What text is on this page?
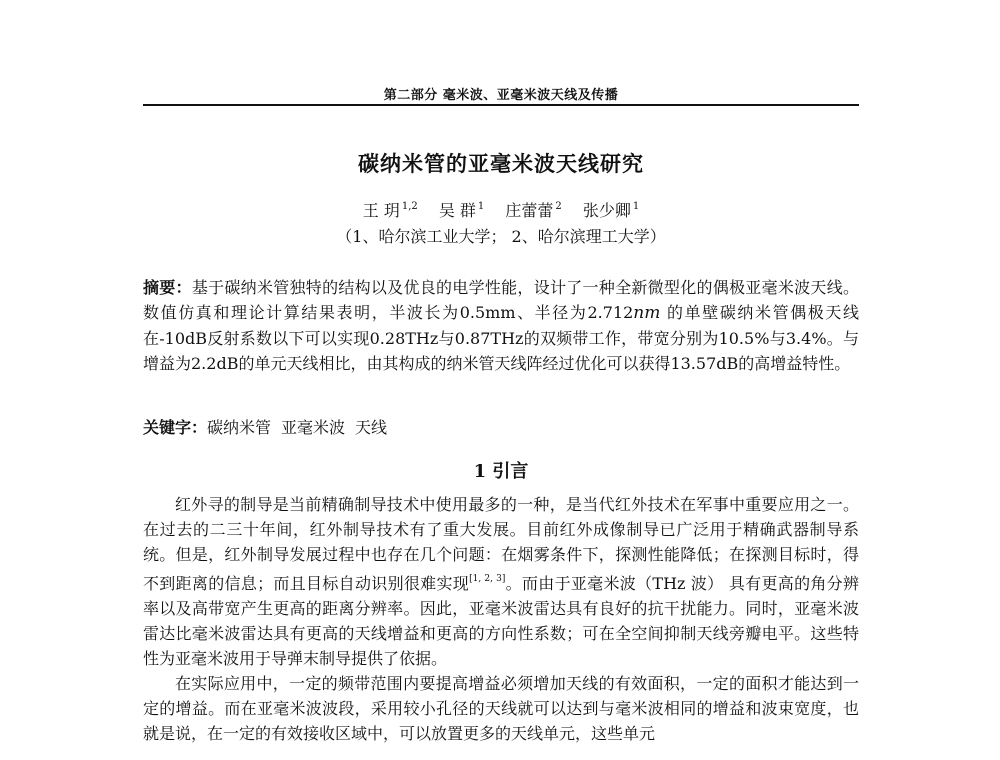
第二部分 毫米波、亚毫米波天线及传播
碳纳米管的亚毫米波天线研究
王 玥 $^{1,2}$ 吴 群 $^1$ 庄蕾蕾 $^2$ 张少卿 $^1$
（1、哈尔滨工业大学； 2、哈尔滨理工大学）
摘要：基于碳纳米管独特的结构以及优良的电学性能，设计了一种全新微型化的偶极亚毫米波天线。数值仿真和理论计算结果表明，半波长为0.5mm、半径为2.712nm 的单壁碳纳米管偶极天线在-10dB反射系数以下可以实现0.28THz与0.87THz的双频带工作，带宽分别为10.5%与3.4%。与增益为2.2dB的单元天线相比，由其构成的纳米管天线阵经过优化可以获得13.57dB的高增益特性。
关键字：碳纳米管 亚毫米波 天线
1 引言

红外寻的制导是当前精确制导技术中使用最多的一种，是当代红外技术在军事中重要应用之一。在过去的二三十年间，红外制导技术有了重大发展。目前红外成像制导已广泛用于精确武器制导系统。但是，红外制导发展过程中也存在几个问题：在烟雾条件下，探测性能降低；在探测目标时，得不到距离的信息；而且目标自动识别很难实现[1, 2, 3]。而由于亚毫米波（THz 波） 具有更高的角分辨率以及高带宽产生更高的距离分辨率。因此，亚毫米波雷达具有良好的抗干扰能力。同时，亚毫米波雷达比毫米波雷达具有更高的天线增益和更高的方向性系数；可在全空间抑制天线旁瓣电平。这些特性为亚毫米波用于导弹末制导提供了依据。

在实际应用中，一定的频带范围内要提高增益必须增加天线的有效面积，一定的面积才能达到一定的增益。而在亚毫米波波段，采用较小孔径的天线就可以达到与毫米波相同的增益和波束宽度，也就是说，在一定的有效接收区域中，可以放置更多的天线单元，这些单元
